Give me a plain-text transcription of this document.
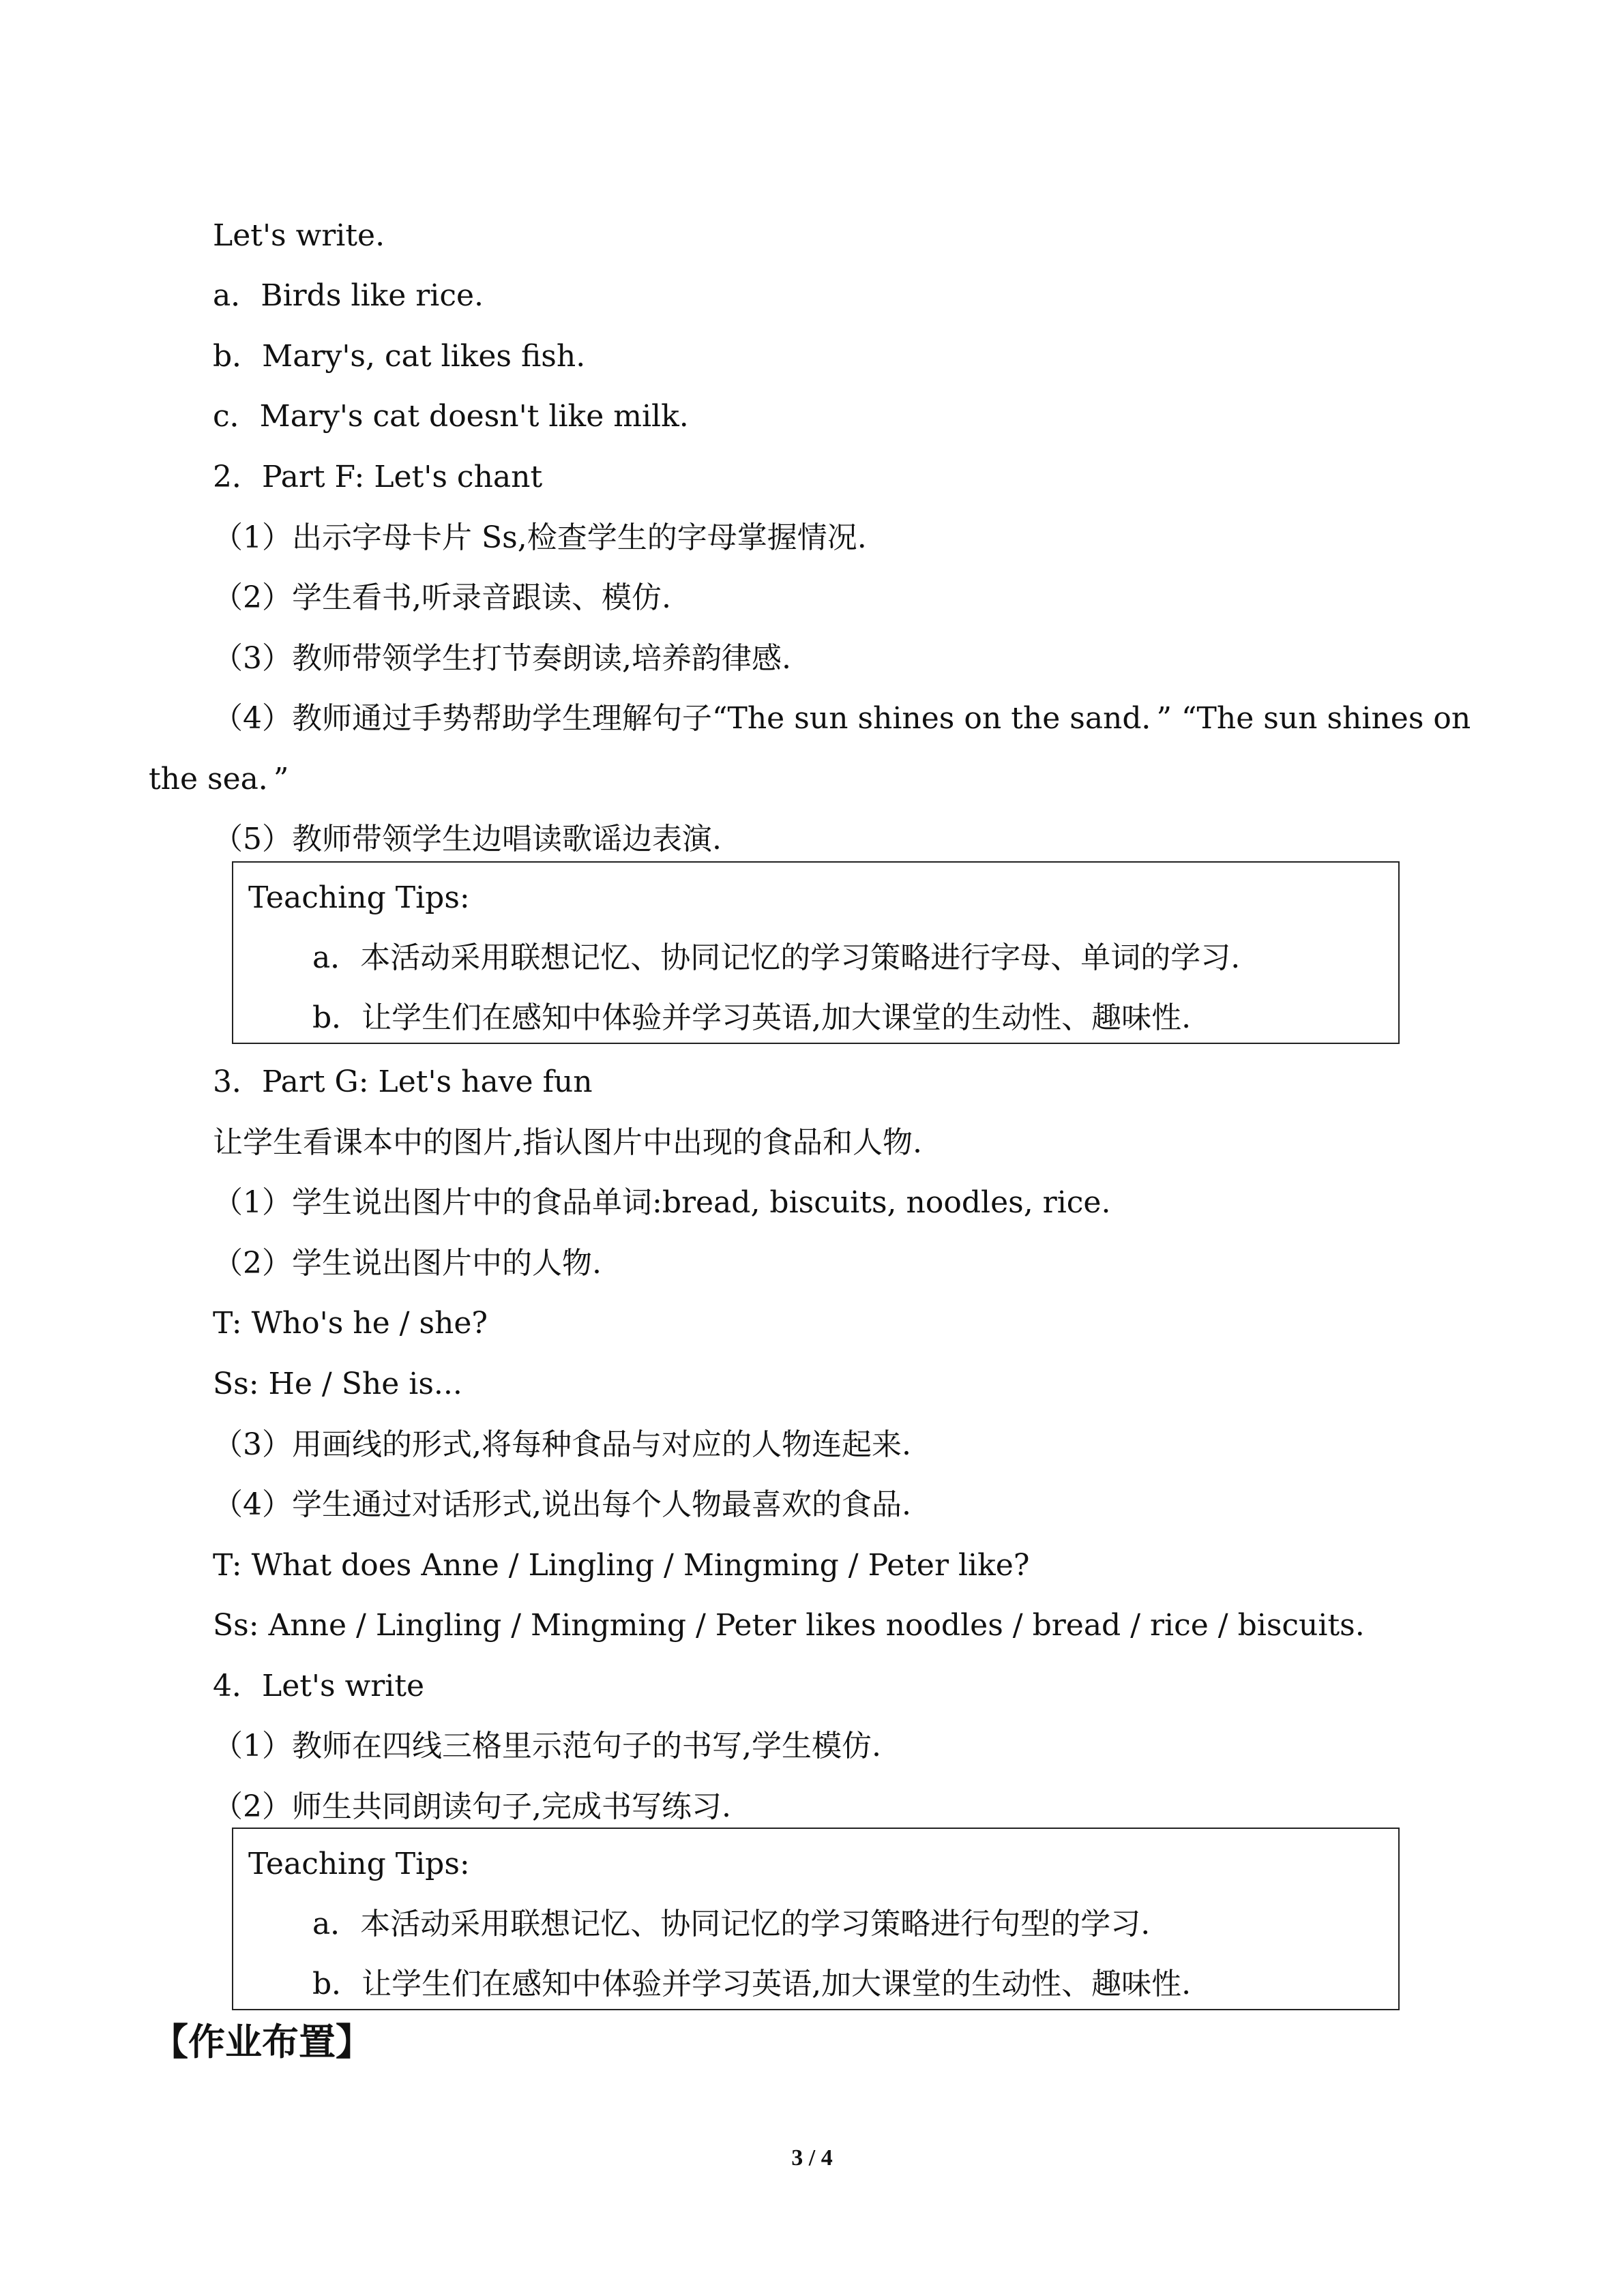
Let's write.
a．Birds like rice.
b．Mary's, cat likes fish.
c．Mary's cat doesn't like milk.
2．Part F: Let's chant
（1）出示字母卡片 Ss,检查学生的字母掌握情况.
（2）学生看书,听录音跟读、模仿.
（3）教师带领学生打节奏朗读,培养韵律感.
（4）教师通过手势帮助学生理解句子“The sun shines on the sand．” “The sun shines on
the sea．”
（5）教师带领学生边唱读歌谣边表演.
Teaching Tips:
a．本活动采用联想记忆、协同记忆的学习策略进行字母、单词的学习.
b．让学生们在感知中体验并学习英语,加大课堂的生动性、趣味性.
3．Part G: Let's have fun
让学生看课本中的图片,指认图片中出现的食品和人物.
（1）学生说出图片中的食品单词:bread, biscuits, noodles, rice.
（2）学生说出图片中的人物.
T: Who's he / she?
Ss: He / She is...
（3）用画线的形式,将每种食品与对应的人物连起来.
（4）学生通过对话形式,说出每个人物最喜欢的食品.
T: What does Anne / Lingling / Mingming / Peter like?
Ss: Anne / Lingling / Mingming / Peter likes noodles / bread / rice / biscuits.
4．Let's write
（1）教师在四线三格里示范句子的书写,学生模仿.
（2）师生共同朗读句子,完成书写练习.
Teaching Tips:
a．本活动采用联想记忆、协同记忆的学习策略进行句型的学习.
b．让学生们在感知中体验并学习英语,加大课堂的生动性、趣味性.
【作业布置】
3 / 4
